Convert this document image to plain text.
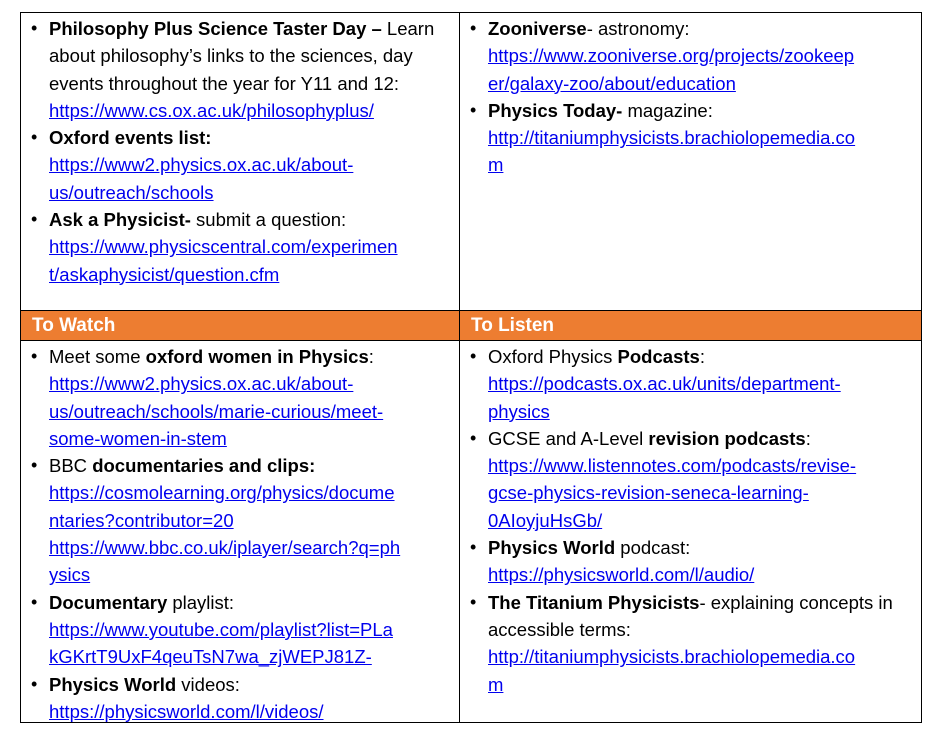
• Philosophy Plus Science Taster Day – Learn
about philosophy’s links to the sciences, day
events throughout the year for Y11 and 12:
https://www.cs.ox.ac.uk/philosophyplus/
• Oxford events list:
https://www2.physics.ox.ac.uk/about-
us/outreach/schools
• Ask a Physicist- submit a question:
https://www.physicscentral.com/experimen
t/askaphysicist/question.cfm
• Zooniverse- astronomy:
https://www.zooniverse.org/projects/zookeep
er/galaxy-zoo/about/education
• Physics Today- magazine:
http://titaniumphysicists.brachiolopemedia.co
m
To Watch	To Listen
• Meet some oxford women in Physics:
https://www2.physics.ox.ac.uk/about-
us/outreach/schools/marie-curious/meet-
some-women-in-stem
• BBC documentaries and clips:
https://cosmolearning.org/physics/docume
ntaries?contributor=20
https://www.bbc.co.uk/iplayer/search?q=ph
ysics
• Documentary playlist:
https://www.youtube.com/playlist?list=PLa
kGKrtT9UxF4qeuTsN7wa_zjWEPJ81Z-
• Physics World videos:
https://physicsworld.com/l/videos/
• Oxford Physics Podcasts:
https://podcasts.ox.ac.uk/units/department-
physics
• GCSE and A-Level revision podcasts:
https://www.listennotes.com/podcasts/revise-
gcse-physics-revision-seneca-learning-
0AIoyjuHsGb/
• Physics World podcast:
https://physicsworld.com/l/audio/
• The Titanium Physicists- explaining concepts in
accessible terms:
http://titaniumphysicists.brachiolopemedia.co
m
